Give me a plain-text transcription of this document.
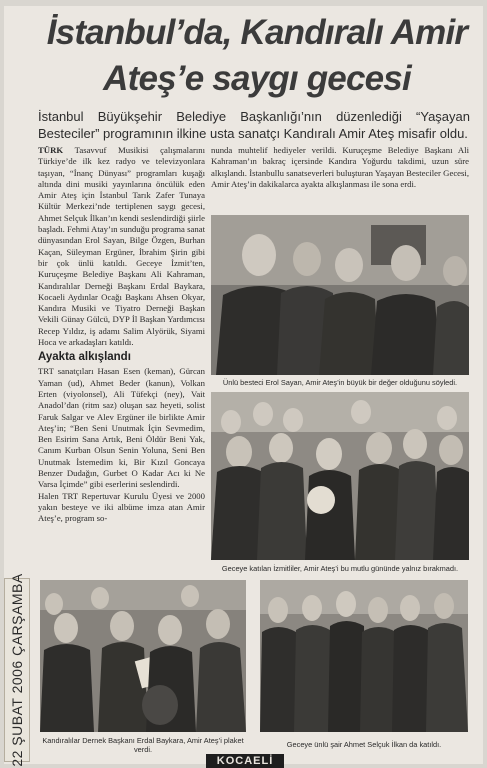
22 ŞUBAT 2006 ÇARŞAMBA
İstanbul’da, Kandıralı Amir
Ateş’e saygı gecesi
İstanbul Büyükşehir Belediye Başkanlığı’nın düzenlediği “Yaşayan Besteciler” programının ilkine usta sanatçı Kandıralı Amir Ateş misafir oldu.

TÜRK Tasavvuf Musikisi çalışmalarını Türkiye’de ilk kez radyo ve televizyonlara taşıyan, “İnanç Dünyası” programları kuşağı altında dini musiki yayınlarına öncülük eden Amir Ateş için İstanbul Tarık Zafer Tunaya Kültür Merkezi’nde tertiplenen saygı gecesi, Ahmet Selçuk İlkan’ın kendi seslendirdiği şiirle başladı. Fehmi Atay’ın sunduğu programa sanat dünyasından Erol Sayan, Bilge Özgen, Burhan Kaçan, Süleyman Ergüner, İbrahim Şirin gibi bir çok ünlü katıldı. Geceye İzmit’ten, Kuruçeşme Belediye Başkanı Ali Kahraman, Kandıralılar Derneği Başkanı Erdal Baykara, Kocaeli Aydınlar Ocağı Başkanı Ahsen Okyar, Kandıra Musiki ve Tiyatro Derneği Başkan Vekili Günay Gülcü, DYP İl Başkan Yardımcısı Recep Yıldız, iş adamı Salim Alyörük, Siyami Hoca ve arkadaşları katıldı.

Ayakta alkışlandı

TRT sanatçıları Hasan Esen (keman), Gürcan Yaman (ud), Ahmet Beder (kanun), Volkan Erten (viyolonsel), Ali Tüfekçi (ney), Vait Anadol’dan (ritm saz) oluşan saz heyeti, solist Faruk Salgar ve Alev Ergüner ile birlikte Amir Ateş’in; “Ben Seni Unutmak İçin Sevmedim, Ben Esirim Sana Artık, Beni Öldür Beni Yak, Canım Kurban Olsun Senin Yoluna, Seni Ben Unutmak İstemedim ki, Bir Kızıl Goncaya Benzer Dudağın, Gurbet O Kadar Acı ki Ne Varsa İçimde” gibi eserlerini seslendirdi.

Halen TRT Repertuvar Kurulu Üyesi ve 2000 yakın besteye ve iki albüme imza atan Amir Ateş’e, program so-

nunda muhtelif hediyeler verildi. Kuruçeşme Belediye Başkanı Ali Kahraman’ın bakraç içersinde Kandıra Yoğurdu takdimi, uzun süre alkışlandı. İstanbullu sanatseverleri buluşturan Yaşayan Besteciler Gecesi, Amir Ateş’in dakikalarca ayakta alkışlanması ile sona erdi.

Ünlü besteci Erol Sayan, Amir Ateş’in büyük bir değer olduğunu söyledi.
Geceye katılan İzmitliler, Amir Ateş’i bu mutlu gününde yalnız bırakmadı.
Kandıralılar Dernek Başkanı Erdal Baykara, Amir Ateş’i plaket verdi.
Geceye ünlü şair Ahmet Selçuk İlkan da katıldı.
KOCAELİ
